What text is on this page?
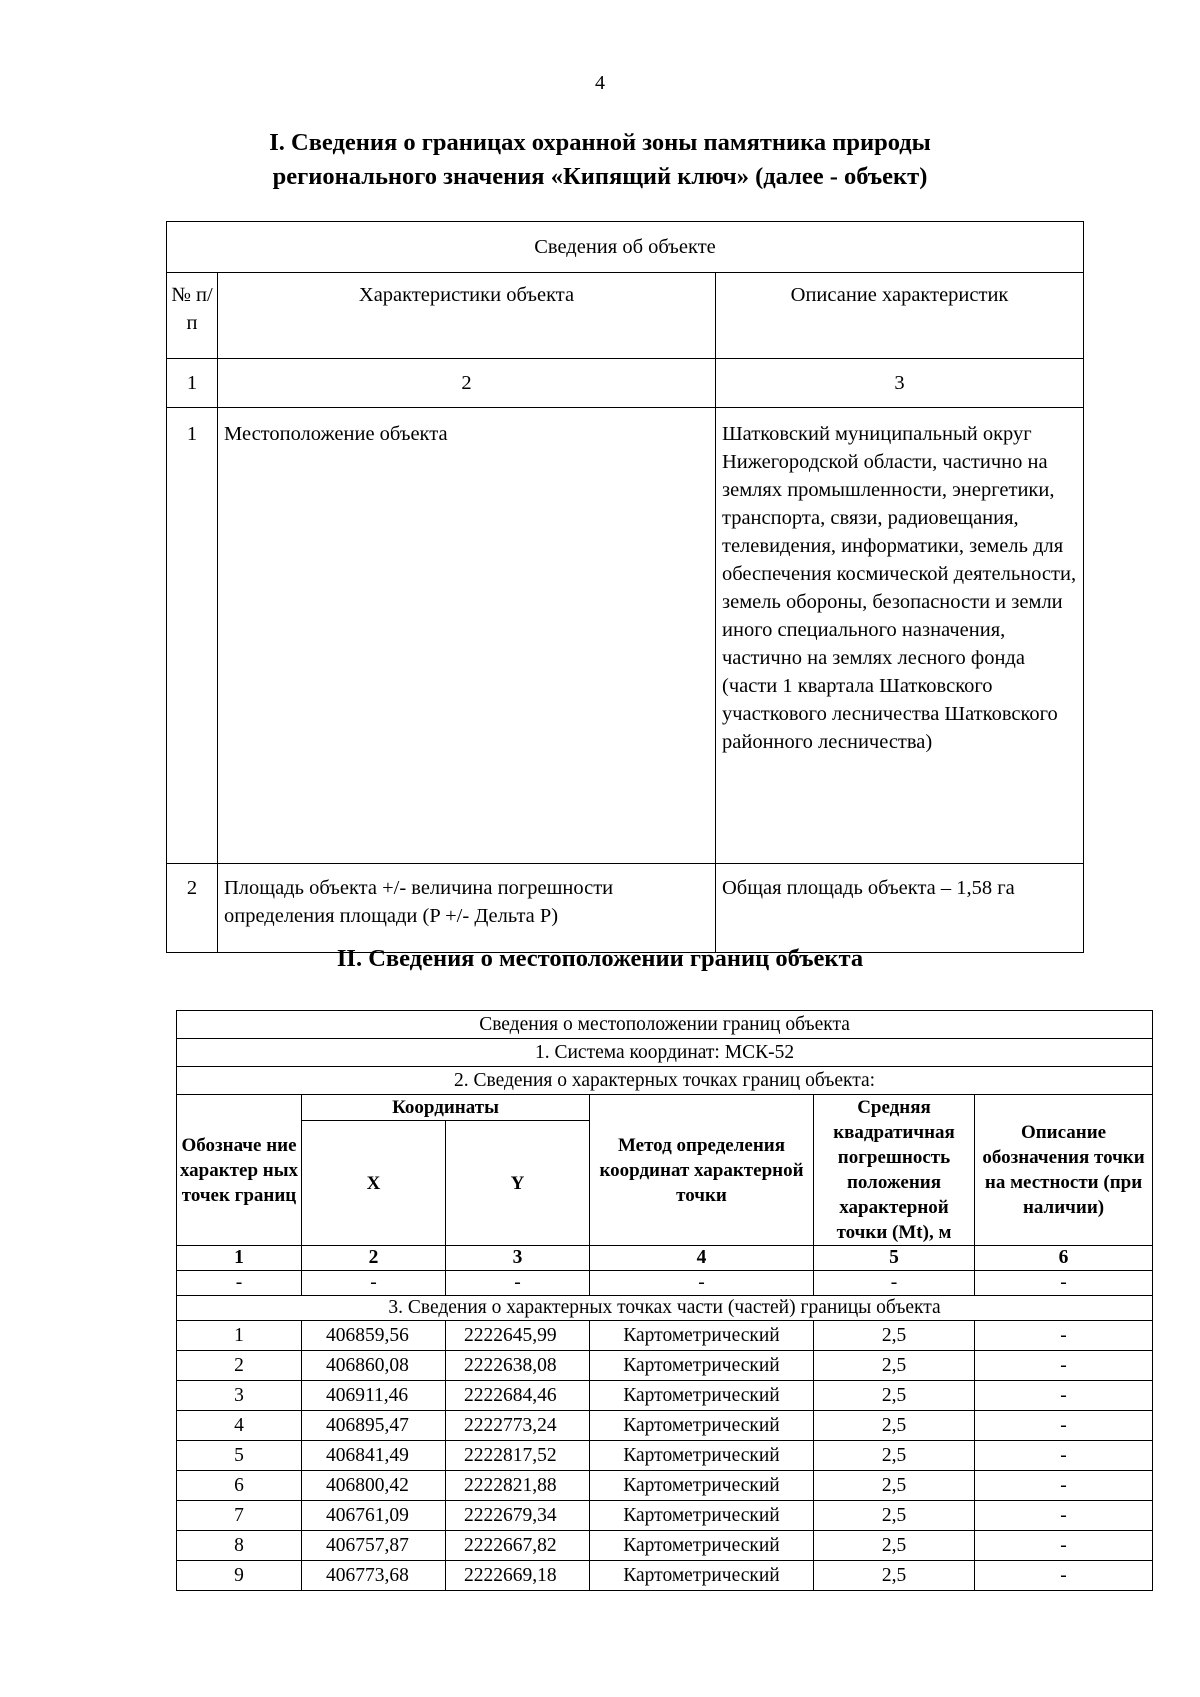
4
I. Сведения о границах охранной зоны памятника природы
регионального значения «Кипящий ключ» (далее - объект)
Сведения об объекте		
№ п/п	Характеристики объекта	Описание характеристик
1	2	3
1	Местоположение объекта	Шатковский муниципальный округ Нижегородской области, частично на землях промышленности, энергетики, транспорта, связи, радиовещания, телевидения, информатики, земель для обеспечения космической деятельности, земель обороны, безопасности и земли иного специального назначения, частично на землях лесного фонда (части 1 квартала Шатковского участкового лесничества Шатковского районного лесничества)
2	Площадь объекта +/- величина погрешности определения площади (P +/- Дельта P)	Общая площадь объекта – 1,58 га
II. Сведения о местоположении границ объекта
Сведения о местоположении границ объекта					
1. Система координат: МСК-52					
2. Сведения о характерных точках границ объекта:					
Обозначе ние характер ных точек границ	Координаты		Метод определения координат характерной точки	Средняя квадратичная погрешность положения характерной точки (Mt), м	Описание обозначения точки на местности (при наличии)
	X	Y			
1	2	3	4	5	6
-	-	-	-	-	-
3. Сведения о характерных точках части (частей) границы объекта					
1	406859,56	2222645,99	Картометрический	2,5	-
2	406860,08	2222638,08	Картометрический	2,5	-
3	406911,46	2222684,46	Картометрический	2,5	-
4	406895,47	2222773,24	Картометрический	2,5	-
5	406841,49	2222817,52	Картометрический	2,5	-
6	406800,42	2222821,88	Картометрический	2,5	-
7	406761,09	2222679,34	Картометрический	2,5	-
8	406757,87	2222667,82	Картометрический	2,5	-
9	406773,68	2222669,18	Картометрический	2,5	-
